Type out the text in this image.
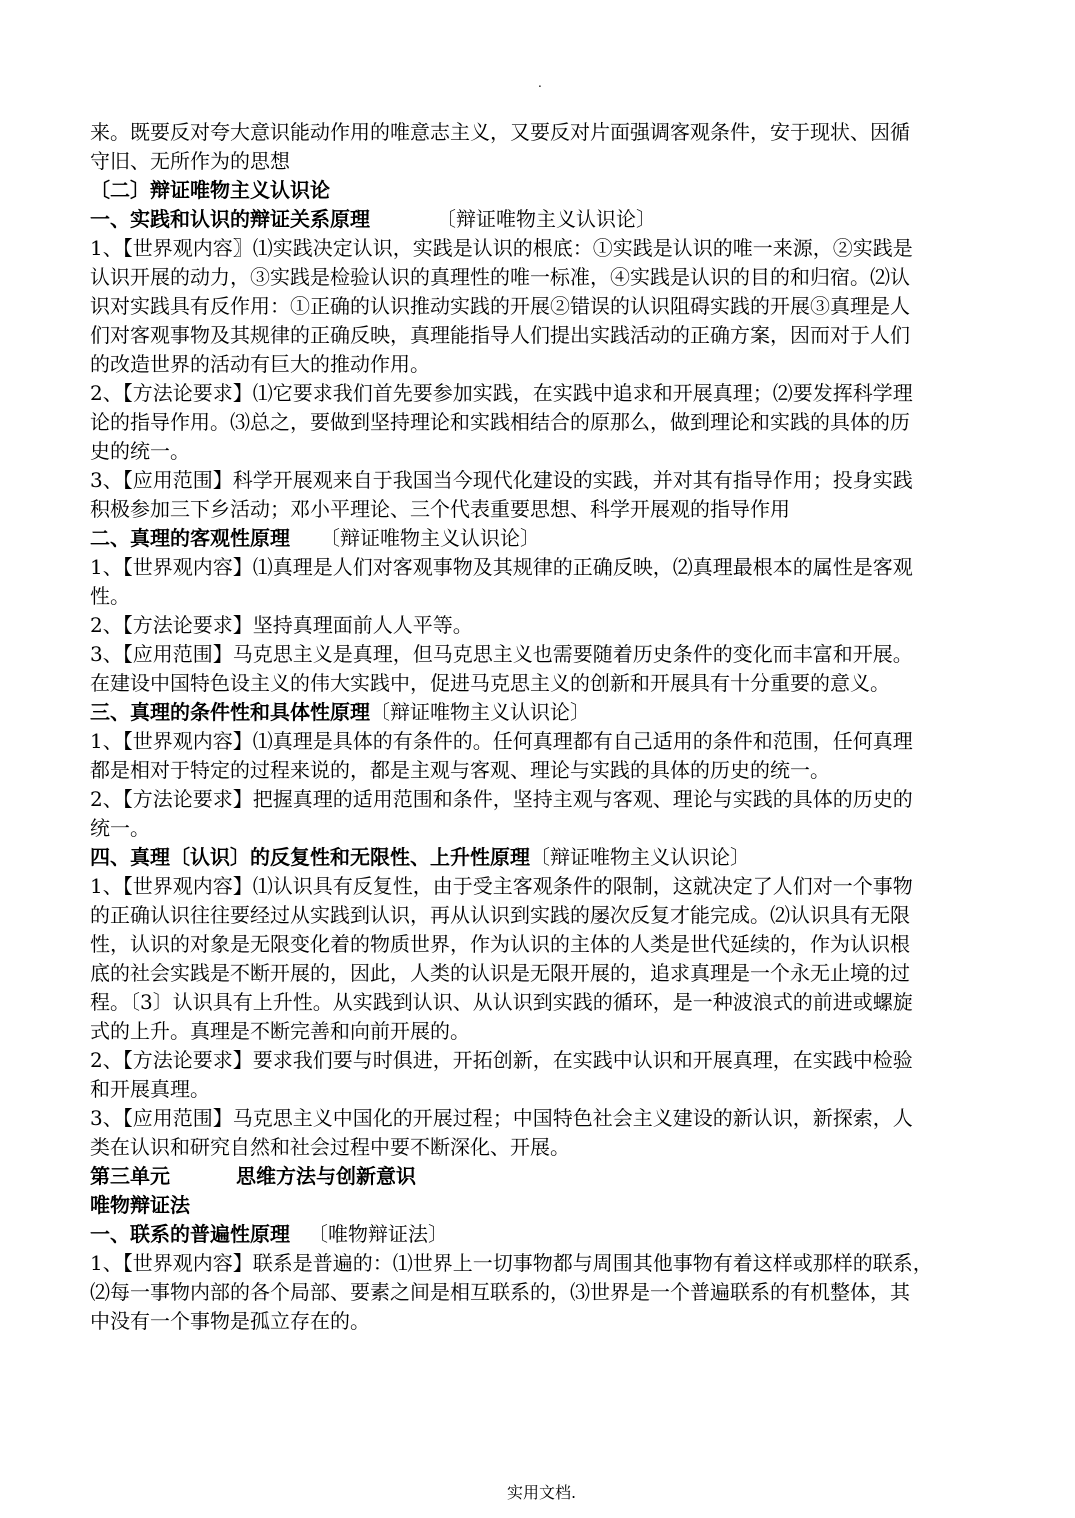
.

来。既要反对夸大意识能动作用的唯意志主义，又要反对片面强调客观条件，安于现状、因循

守旧、无所作为的思想

〔二〕辩证唯物主义认识论

一、实践和认识的辩证关系原理	〔辩证唯物主义认识论〕

1、【世界观内容〗⑴实践决定认识，实践是认识的根底：①实践是认识的唯一来源，②实践是

认识开展的动力，③实践是检验认识的真理性的唯一标准，④实践是认识的目的和归宿。⑵认

识对实践具有反作用：①正确的认识推动实践的开展②错误的认识阻碍实践的开展③真理是人

们对客观事物及其规律的正确反映，真理能指导人们提出实践活动的正确方案，因而对于人们

的改造世界的活动有巨大的推动作用。

2、【方法论要求】⑴它要求我们首先要参加实践，在实践中追求和开展真理；⑵要发挥科学理

论的指导作用。⑶总之，要做到坚持理论和实践相结合的原那么，做到理论和实践的具体的历

史的统一。

3、【应用范围】科学开展观来自于我国当今现代化建设的实践，并对其有指导作用；投身实践

积极参加三下乡活动；邓小平理论、三个代表重要思想、科学开展观的指导作用

二、真理的客观性原理 〔辩证唯物主义认识论〕

1、【世界观内容】⑴真理是人们对客观事物及其规律的正确反映，⑵真理最根本的属性是客观

性。

2、【方法论要求】坚持真理面前人人平等。

3、【应用范围】马克思主义是真理，但马克思主义也需要随着历史条件的变化而丰富和开展。

在建设中国特色设主义的伟大实践中，促进马克思主义的创新和开展具有十分重要的意义。

三、真理的条件性和具体性原理〔辩证唯物主义认识论〕

1、【世界观内容】⑴真理是具体的有条件的。任何真理都有自己适用的条件和范围，任何真理

都是相对于特定的过程来说的，都是主观与客观、理论与实践的具体的历史的统一。

2、【方法论要求】把握真理的适用范围和条件，坚持主观与客观、理论与实践的具体的历史的

统一。

四、真理〔认识〕的反复性和无限性、上升性原理〔辩证唯物主义认识论〕

1、【世界观内容】⑴认识具有反复性，由于受主客观条件的限制，这就决定了人们对一个事物

的正确认识往往要经过从实践到认识，再从认识到实践的屡次反复才能完成。⑵认识具有无限

性，认识的对象是无限变化着的物质世界，作为认识的主体的人类是世代延续的，作为认识根

底的社会实践是不断开展的，因此，人类的认识是无限开展的，追求真理是一个永无止境的过

程。〔3〕认识具有上升性。从实践到认识、从认识到实践的循环，是一种波浪式的前进或螺旋

式的上升。真理是不断完善和向前开展的。

2、【方法论要求】要求我们要与时俱进，开拓创新，在实践中认识和开展真理，在实践中检验

和开展真理。

3、【应用范围】马克思主义中国化的开展过程；中国特色社会主义建设的新认识，新探索，人

类在认识和研究自然和社会过程中要不断深化、开展。

第三单元	思维方法与创新意识

唯物辩证法

一、联系的普遍性原理 〔唯物辩证法〕

1、【世界观内容】联系是普遍的：⑴世界上一切事物都与周围其他事物有着这样或那样的联系，

⑵每一事物内部的各个局部、要素之间是相互联系的，⑶世界是一个普遍联系的有机整体，其

中没有一个事物是孤立存在的。

实用文档.
